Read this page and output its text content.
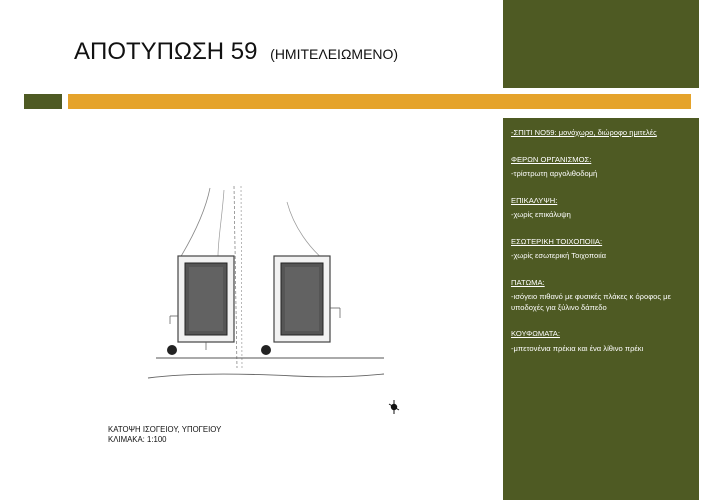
ΑΠΟΤΥΠΩΣΗ 59 (ΗΜΙΤΕΛΕΙΩΜΕΝΟ)
-ΣΠΙΤΙ ΝΟ59: μονόχωρο, διώροφο ημιτελές
ΦΕΡΩΝ ΟΡΓΑΝΙΣΜΟΣ:
-τρίστρωτη αργολιθοδομή
ΕΠΙΚΑΛΥΨΗ:
-χωρίς επικάλυψη
ΕΣΩΤΕΡΙΚΗ ΤΟΙΧΟΠΟΙΙΑ:
-χωρίς εσωτερική Τοιχοποιία
ΠΑΤΩΜΑ:
-ισόγειο πιθανό με φυσικές πλάκες κ όροφος με υποδοχές για ξύλινο δάπεδο
ΚΟΥΦΩΜΑΤΑ:
-μπετονένια πρέκια και ένα λίθινο πρέκι
ΚΑΤΟΨΗ ΙΣΟΓΕΙΟΥ, ΥΠΟΓΕΙΟΥ
ΚΛΙΜΑΚΑ: 1:100
